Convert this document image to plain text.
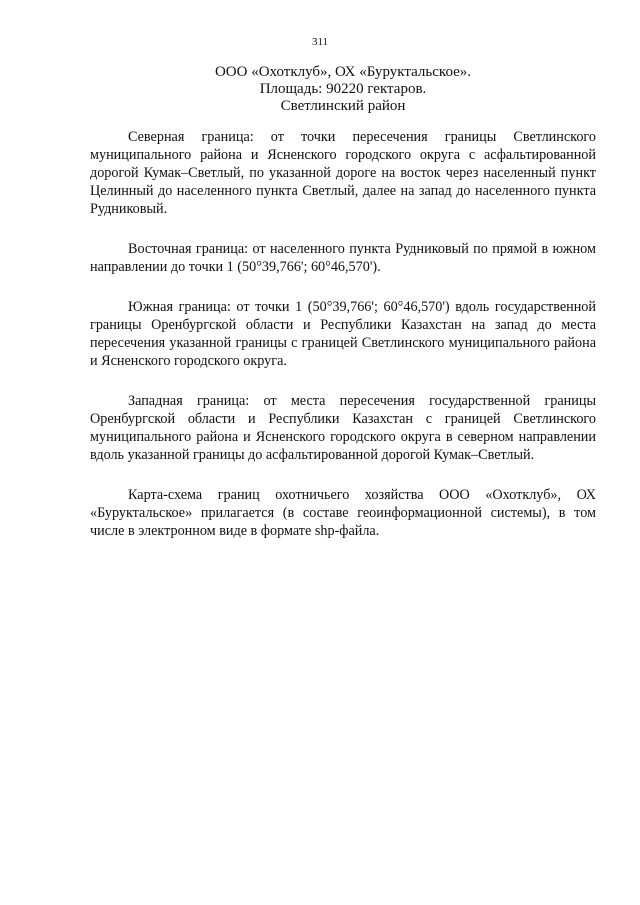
311
ООО «Охотклуб», ОХ «Буруктальское».
Площадь: 90220 гектаров.
Светлинский район

Северная граница: от точки пересечения границы Светлинского муниципального района и Ясненского городского округа с асфальтированной дорогой Кумак–Светлый, по указанной дороге на восток через населенный пункт Целинный до населенного пункта Светлый, далее на запад до населенного пункта Рудниковый.

Восточная граница: от населенного пункта Рудниковый по прямой в южном направлении до точки 1 (50°39,766'; 60°46,570').

Южная граница: от точки 1 (50°39,766'; 60°46,570') вдоль государственной границы Оренбургской области и Республики Казахстан на запад до места пересечения указанной границы с границей Светлинского муниципального района и Ясненского городского округа.

Западная граница: от места пересечения государственной границы Оренбургской области и Республики Казахстан с границей Светлинского муниципального района и Ясненского городского округа в северном направлении вдоль указанной границы до асфальтированной дорогой Кумак–Светлый.

Карта-схема границ охотничьего хозяйства ООО «Охотклуб», ОХ «Буруктальское» прилагается (в составе геоинформационной системы), в том числе в электронном виде в формате shp-файла.
